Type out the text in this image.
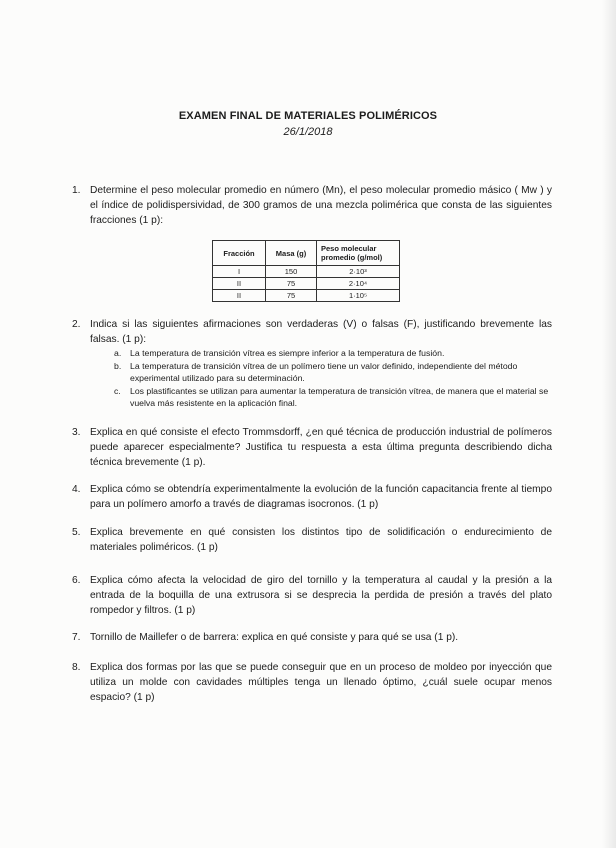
EXAMEN FINAL DE MATERIALES POLIMÉRICOS
26/1/2018
1. Determine el peso molecular promedio en número (Mn), el peso molecular promedio másico ( Mw ) y el índice de polidispersividad, de 300 gramos de una mezcla polimérica que consta de las siguientes fracciones (1 p):
Fracción	Masa (g)	Peso molecular promedio (g/mol)
I	150	2·10³
II	75	2·10⁴
II	75	1·10⁵
2. Indica si las siguientes afirmaciones son verdaderas (V) o falsas (F), justificando brevemente las falsas. (1 p):
a. La temperatura de transición vítrea es siempre inferior a la temperatura de fusión.
b. La temperatura de transición vítrea de un polímero tiene un valor definido, independiente del método experimental utilizado para su determinación.
c. Los plastificantes se utilizan para aumentar la temperatura de transición vítrea, de manera que el material se vuelva más resistente en la aplicación final.
3. Explica en qué consiste el efecto Trommsdorff, ¿en qué técnica de producción industrial de polímeros puede aparecer especialmente? Justifica tu respuesta a esta última pregunta describiendo dicha técnica brevemente (1 p).
4. Explica cómo se obtendría experimentalmente la evolución de la función capacitancia frente al tiempo para un polímero amorfo a través de diagramas isocronos. (1 p)
5. Explica brevemente en qué consisten los distintos tipo de solidificación o endurecimiento de materiales poliméricos. (1 p)
6. Explica cómo afecta la velocidad de giro del tornillo y la temperatura al caudal y la presión a la entrada de la boquilla de una extrusora si se desprecia la perdida de presión a través del plato rompedor y filtros. (1 p)
7. Tornillo de Maillefer o de barrera: explica en qué consiste y para qué se usa (1 p).
8. Explica dos formas por las que se puede conseguir que en un proceso de moldeo por inyección que utiliza un molde con cavidades múltiples tenga un llenado óptimo, ¿cuál suele ocupar menos espacio? (1 p)
